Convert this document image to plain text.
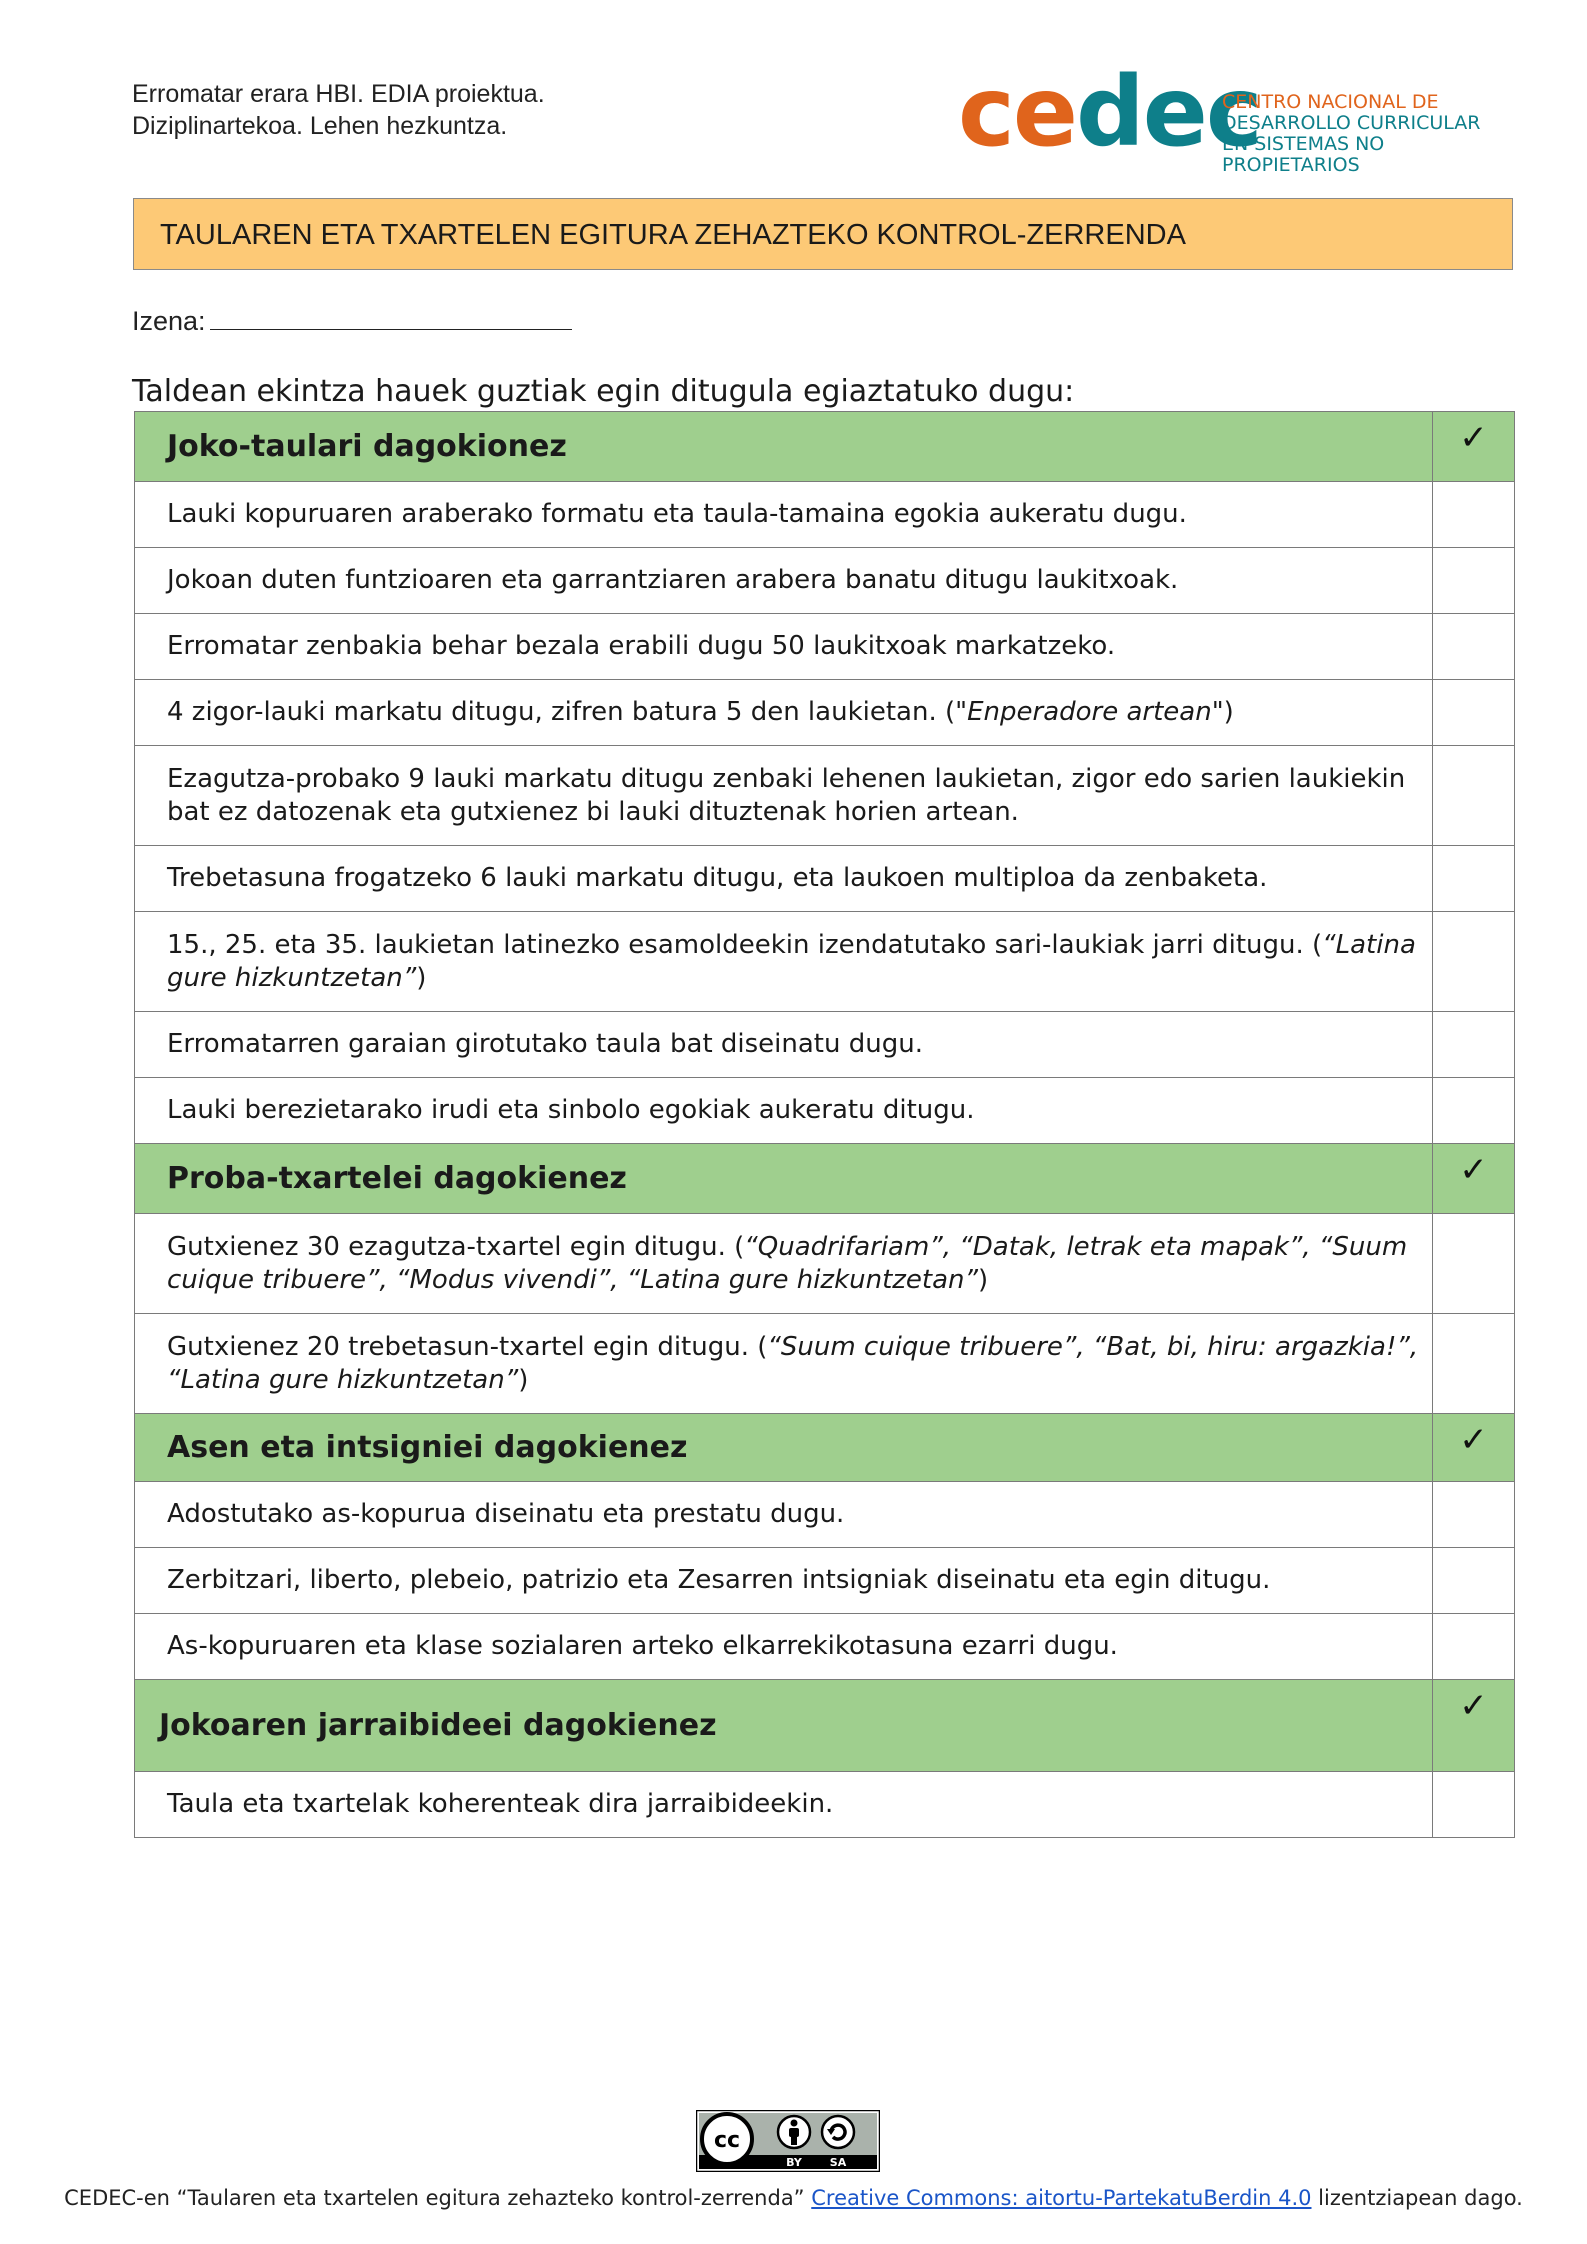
Erromatar erara HBI. EDIA proiektua.
Diziplinartekoa. Lehen hezkuntza.	cedec
CENTRO NACIONAL DE
DESARROLLO CURRICULAR
EN SISTEMAS NO PROPIETARIOS
TAULAREN ETA TXARTELEN EGITURA ZEHAZTEKO KONTROL-ZERRENDA
Izena:
Taldean ekintza hauek guztiak egin ditugula egiaztatuko dugu:
Joko-taulari dagokionez	✓
Lauki kopuruaren araberako formatu eta taula-tamaina egokia aukeratu dugu.	
Jokoan duten funtzioaren eta garrantziaren arabera banatu ditugu laukitxoak.	
Erromatar zenbakia behar bezala erabili dugu 50 laukitxoak markatzeko.	
4 zigor-lauki markatu ditugu, zifren batura 5 den laukietan. ("Enperadore artean")	
Ezagutza-probako 9 lauki markatu ditugu zenbaki lehenen laukietan, zigor edo sarien laukiekin bat ez datozenak eta gutxienez bi lauki dituztenak horien artean.	
Trebetasuna frogatzeko 6 lauki markatu ditugu, eta laukoen multiploa da zenbaketa.	
15., 25. eta 35. laukietan latinezko esamoldeekin izendatutako sari-laukiak jarri ditugu. (“Latina gure hizkuntzetan”)	
Erromatarren garaian girotutako taula bat diseinatu dugu.	
Lauki berezietarako irudi eta sinbolo egokiak aukeratu ditugu.	
Proba-txartelei dagokienez	✓
Gutxienez 30 ezagutza-txartel egin ditugu. (“Quadrifariam”, “Datak, letrak eta mapak”, “Suum cuique tribuere”, “Modus vivendi”, “Latina gure hizkuntzetan”)	
Gutxienez 20 trebetasun-txartel egin ditugu. (“Suum cuique tribuere”, “Bat, bi, hiru: argazkia!”, “Latina gure hizkuntzetan”)	
Asen eta intsigniei dagokienez	✓
Adostutako as-kopurua diseinatu eta prestatu dugu.	
Zerbitzari, liberto, plebeio, patrizio eta Zesarren intsigniak diseinatu eta egin ditugu.	
As-kopuruaren eta klase sozialaren arteko elkarrekikotasuna ezarri dugu.	
Jokoaren jarraibideei dagokienez	✓
Taula eta txartelak koherenteak dira jarraibideekin.	
cc
BY	SA
CEDEC-en “Taularen eta txartelen egitura zehazteko kontrol-zerrenda” Creative Commons: aitortu-PartekatuBerdin 4.0 lizentziapean dago.
